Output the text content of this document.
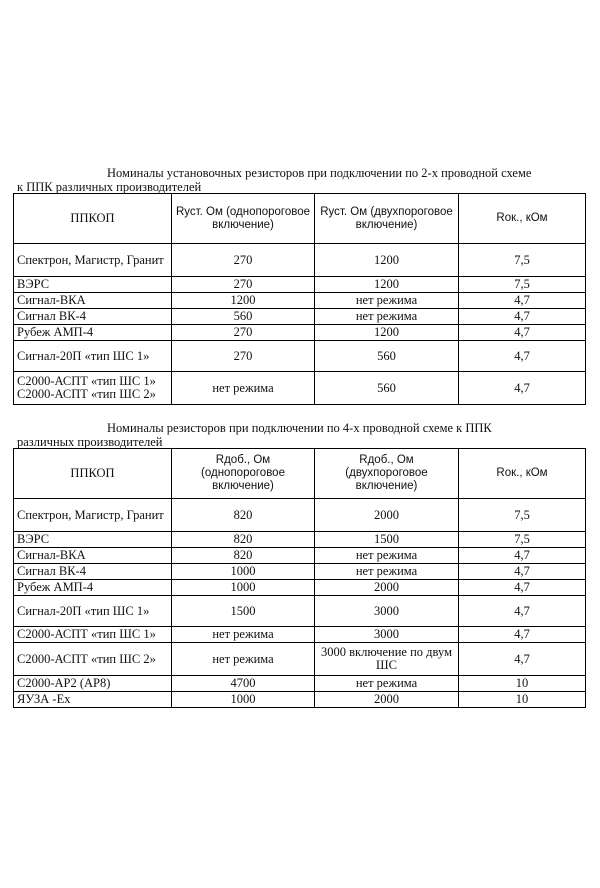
Номиналы установочных резисторов при подключении по 2-х проводной схеме
к ППК различных производителей
ППКОП	Rуст. Ом (однопороговое включение)	Rуст. Ом (двухпороговое включение)	Rок., кОм
Спектрон, Магистр, Гранит	270	1200	7,5
ВЭРС	270	1200	7,5
Сигнал-ВКА	1200	нет режима	4,7
Сигнал ВК-4	560	нет режима	4,7
Рубеж АМП-4	270	1200	4,7
Сигнал-20П «тип ШС 1»	270	560	4,7
С2000-АСПТ «тип ШС 1» С2000-АСПТ «тип ШС 2»	нет режима	560	4,7
Номиналы резисторов при подключении по 4-х проводной схеме к ППК
различных производителей
ППКОП	Rдоб., Ом (однопороговое включение)	Rдоб., Ом (двухпороговое включение)	Rок., кОм
Спектрон, Магистр, Гранит	820	2000	7,5
ВЭРС	820	1500	7,5
Сигнал-ВКА	820	нет режима	4,7
Сигнал ВК-4	1000	нет режима	4,7
Рубеж АМП-4	1000	2000	4,7
Сигнал-20П «тип ШС 1»	1500	3000	4,7
С2000-АСПТ «тип ШС 1»	нет режима	3000	4,7
С2000-АСПТ «тип ШС 2»	нет режима	3000 включение по двум ШС	4,7
С2000-АР2 (АР8)	4700	нет режима	10
ЯУЗА -Ex	1000	2000	10
